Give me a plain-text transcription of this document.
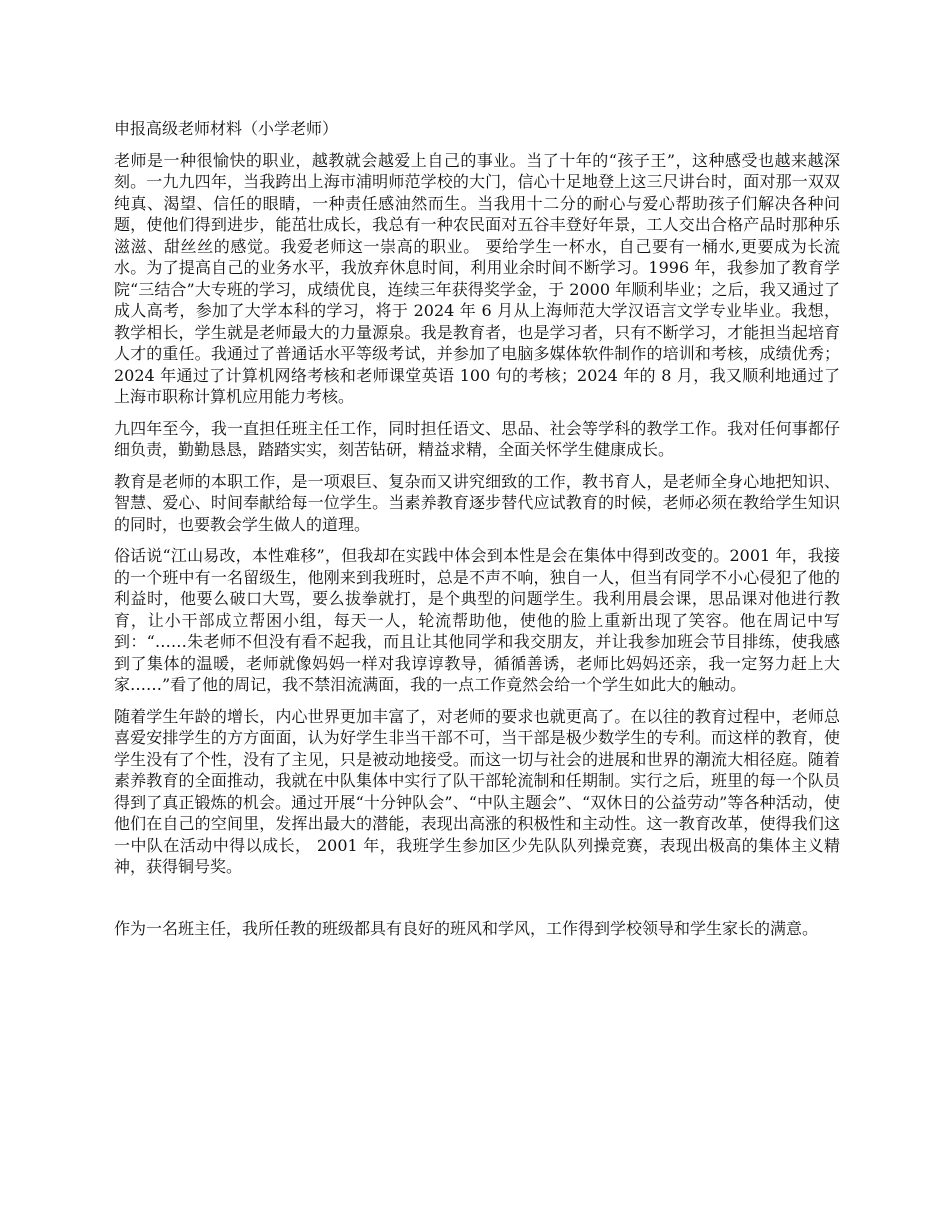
申报高级老师材料（小学老师）

老师是一种很愉快的职业，越教就会越爱上自己的事业。当了十年的“孩子王”，这种感受也越来越深刻。一九九四年，当我跨出上海市浦明师范学校的大门，信心十足地登上这三尺讲台时，面对那一双双纯真、渴望、信任的眼睛，一种责任感油然而生。当我用十二分的耐心与爱心帮助孩子们解决各种问题，使他们得到进步，能茁壮成长，我总有一种农民面对五谷丰登好年景，工人交出合格产品时那种乐滋滋、甜丝丝的感觉。我爱老师这一崇高的职业。 要给学生一杯水，自己要有一桶水,更要成为长流水。为了提高自己的业务水平，我放弃休息时间，利用业余时间不断学习。1996 年，我参加了教育学院“三结合”大专班的学习，成绩优良，连续三年获得奖学金，于 2000 年顺利毕业；之后，我又通过了成人高考，参加了大学本科的学习，将于 2024 年 6 月从上海师范大学汉语言文学专业毕业。我想，教学相长，学生就是老师最大的力量源泉。我是教育者，也是学习者，只有不断学习，才能担当起培育人才的重任。我通过了普通话水平等级考试，并参加了电脑多媒体软件制作的培训和考核，成绩优秀；2024 年通过了计算机网络考核和老师课堂英语 100 句的考核；2024 年的 8 月，我又顺利地通过了上海市职称计算机应用能力考核。

九四年至今，我一直担任班主任工作，同时担任语文、思品、社会等学科的教学工作。我对任何事都仔细负责，勤勤恳恳，踏踏实实，刻苦钻研，精益求精，全面关怀学生健康成长。

教育是老师的本职工作，是一项艰巨、复杂而又讲究细致的工作，教书育人，是老师全身心地把知识、智慧、爱心、时间奉献给每一位学生。当素养教育逐步替代应试教育的时候，老师必须在教给学生知识的同时，也要教会学生做人的道理。

俗话说“江山易改，本性难移”，但我却在实践中体会到本性是会在集体中得到改变的。2001 年，我接的一个班中有一名留级生，他刚来到我班时，总是不声不响，独自一人，但当有同学不小心侵犯了他的利益时，他要么破口大骂，要么拔拳就打，是个典型的问题学生。我利用晨会课，思品课对他进行教育，让小干部成立帮困小组，每天一人，轮流帮助他，使他的脸上重新出现了笑容。他在周记中写到：“……朱老师不但没有看不起我，而且让其他同学和我交朋友，并让我参加班会节目排练，使我感到了集体的温暖，老师就像妈妈一样对我谆谆教导，循循善诱，老师比妈妈还亲，我一定努力赶上大家……”看了他的周记，我不禁泪流满面，我的一点工作竟然会给一个学生如此大的触动。

随着学生年龄的增长，内心世界更加丰富了，对老师的要求也就更高了。在以往的教育过程中，老师总喜爱安排学生的方方面面，认为好学生非当干部不可，当干部是极少数学生的专利。而这样的教育，使学生没有了个性，没有了主见，只是被动地接受。而这一切与社会的进展和世界的潮流大相径庭。随着素养教育的全面推动，我就在中队集体中实行了队干部轮流制和任期制。实行之后，班里的每一个队员得到了真正锻炼的机会。通过开展“十分钟队会”、“中队主题会”、“双休日的公益劳动”等各种活动，使他们在自己的空间里，发挥出最大的潜能，表现出高涨的积极性和主动性。这一教育改革，使得我们这一中队在活动中得以成长， 2001 年，我班学生参加区少先队队列操竞赛，表现出极高的集体主义精神，获得铜号奖。

作为一名班主任，我所任教的班级都具有良好的班风和学风，工作得到学校领导和学生家长的满意。
